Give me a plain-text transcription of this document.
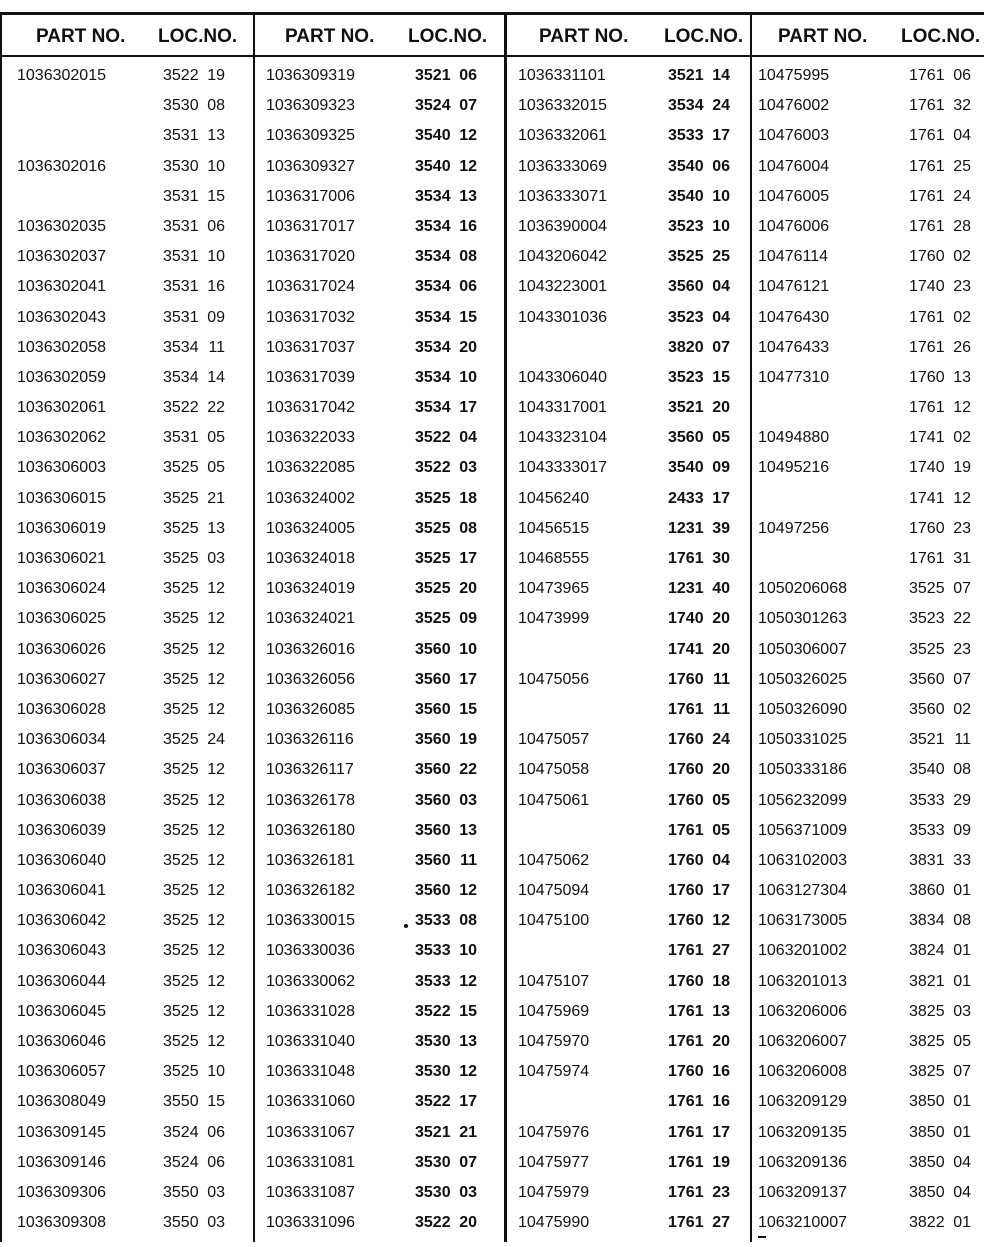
PART NO. LOC.NO.
1036302015	3522 19
3530 08
3531 13
1036302016	3530 10
3531 15
1036302035	3531 06
1036302037	3531 10
1036302041	3531 16
1036302043	3531 09
1036302058	3534 11
1036302059	3534 14
1036302061	3522 22
1036302062	3531 05
1036306003	3525 05
1036306015	3525 21
1036306019	3525 13
1036306021	3525 03
1036306024	3525 12
1036306025	3525 12
1036306026	3525 12
1036306027	3525 12
1036306028	3525 12
1036306034	3525 24
1036306037	3525 12
1036306038	3525 12
1036306039	3525 12
1036306040	3525 12
1036306041	3525 12
1036306042	3525 12
1036306043	3525 12
1036306044	3525 12
1036306045	3525 12
1036306046	3525 12
1036306057	3525 10
1036308049	3550 15
1036309145	3524 06
1036309146	3524 06
1036309306	3550 03
1036309308	3550 03
PART NO. LOC.NO.
1036309319	3521 06
1036309323	3524 07
1036309325	3540 12
1036309327	3540 12
1036317006	3534 13
1036317017	3534 16
1036317020	3534 08
1036317024	3534 06
1036317032	3534 15
1036317037	3534 20
1036317039	3534 10
1036317042	3534 17
1036322033	3522 04
1036322085	3522 03
1036324002	3525 18
1036324005	3525 08
1036324018	3525 17
1036324019	3525 20
1036324021	3525 09
1036326016	3560 10
1036326056	3560 17
1036326085	3560 15
1036326116	3560 19
1036326117	3560 22
1036326178	3560 03
1036326180	3560 13
1036326181	3560 11
1036326182	3560 12
1036330015	3533 08
1036330036	3533 10
1036330062	3533 12
1036331028	3522 15
1036331040	3530 13
1036331048	3530 12
1036331060	3522 17
1036331067	3521 21
1036331081	3530 07
1036331087	3530 03
1036331096	3522 20
PART NO. LOC.NO.
1036331101	3521 14
1036332015	3534 24
1036332061	3533 17
1036333069	3540 06
1036333071	3540 10
1036390004	3523 10
1043206042	3525 25
1043223001	3560 04
1043301036	3523 04
3820 07
1043306040	3523 15
1043317001	3521 20
1043323104	3560 05
1043333017	3540 09
10456240	2433 17
10456515	1231 39
10468555	1761 30
10473965	1231 40
10473999	1740 20
1741 20
10475056	1760 11
1761 11
10475057	1760 24
10475058	1760 20
10475061	1760 05
1761 05
10475062	1760 04
10475094	1760 17
10475100	1760 12
1761 27
10475107	1760 18
10475969	1761 13
10475970	1761 20
10475974	1760 16
1761 16
10475976	1761 17
10475977	1761 19
10475979	1761 23
10475990	1761 27
PART NO. LOC.NO.
10475995	1761 06
10476002	1761 32
10476003	1761 04
10476004	1761 25
10476005	1761 24
10476006	1761 28
10476114	1760 02
10476121	1740 23
10476430	1761 02
10476433	1761 26
10477310	1760 13
1761 12
10494880	1741 02
10495216	1740 19
1741 12
10497256	1760 23
1761 31
1050206068	3525 07
1050301263	3523 22
1050306007	3525 23
1050326025	3560 07
1050326090	3560 02
1050331025	3521 11
1050333186	3540 08
1056232099	3533 29
1056371009	3533 09
1063102003	3831 33
1063127304	3860 01
1063173005	3834 08
1063201002	3824 01
1063201013	3821 01
1063206006	3825 03
1063206007	3825 05
1063206008	3825 07
1063209129	3850 01
1063209135	3850 01
1063209136	3850 04
1063209137	3850 04
1063210007	3822 01
